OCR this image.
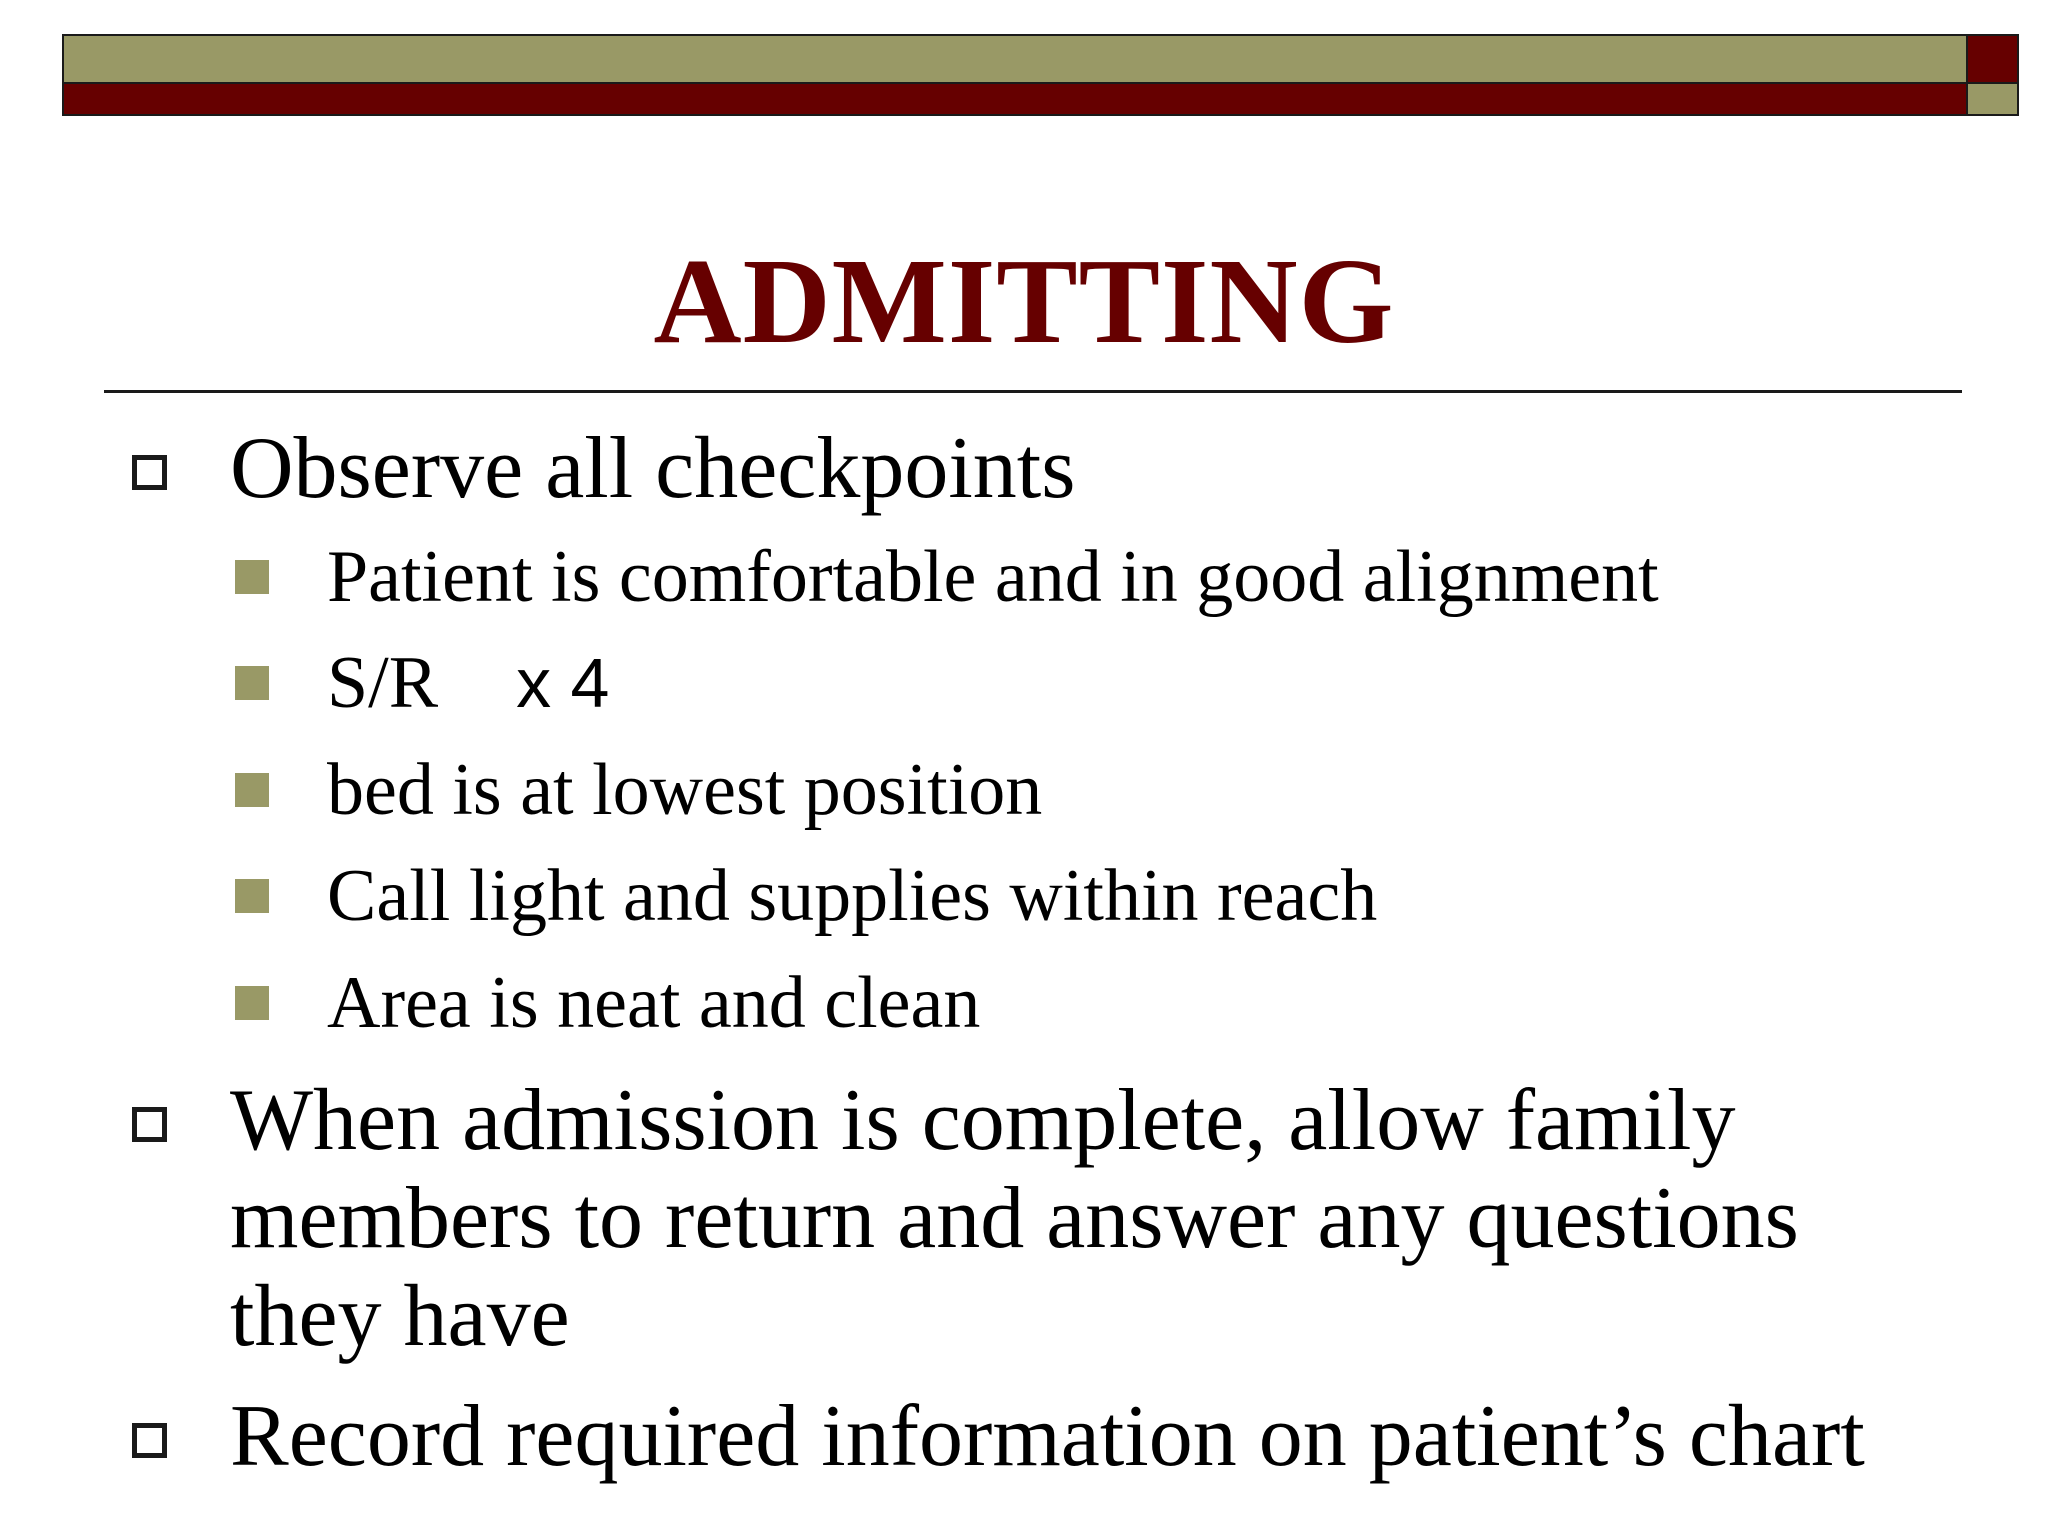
ADMITTING
Observe all checkpoints
Patient is comfortable and in good alignment
S/R x 4
bed is at lowest position
Call light and supplies within reach
Area is neat and clean
When admission is complete, allow family members to return and answer any questions they have
Record required information on patient’s chart
